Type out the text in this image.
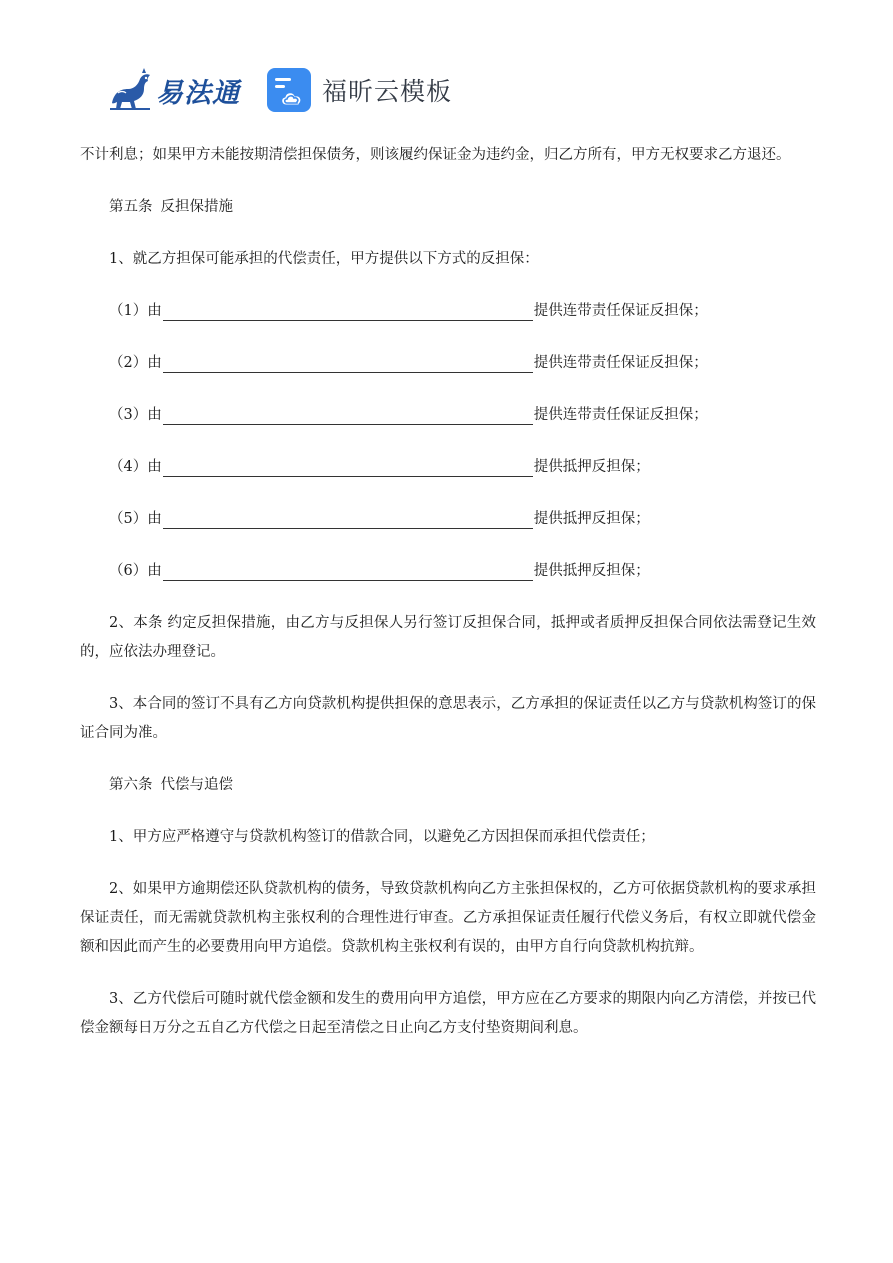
易法通	福昕云模板

不计利息；如果甲方未能按期清偿担保债务，则该履约保证金为违约金，归乙方所有，甲方无权要求乙方退还。

第五条 反担保措施

1、就乙方担保可能承担的代偿责任，甲方提供以下方式的反担保：

（1）由	提供连带责任保证反担保；
（2）由	提供连带责任保证反担保；
（3）由	提供连带责任保证反担保；
（4）由	提供抵押反担保；
（5）由	提供抵押反担保；
（6）由	提供抵押反担保；

2、本条 约定反担保措施，由乙方与反担保人另行签订反担保合同，抵押或者质押反担保合同依法需登记生效的，应依法办理登记。

3、本合同的签订不具有乙方向贷款机构提供担保的意思表示，乙方承担的保证责任以乙方与贷款机构签订的保证合同为准。

第六条 代偿与追偿

1、甲方应严格遵守与贷款机构签订的借款合同，以避免乙方因担保而承担代偿责任；

2、如果甲方逾期偿还队贷款机构的债务，导致贷款机构向乙方主张担保权的，乙方可依据贷款机构的要求承担保证责任，而无需就贷款机构主张权利的合理性进行审查。乙方承担保证责任履行代偿义务后，有权立即就代偿金额和因此而产生的必要费用向甲方追偿。贷款机构主张权利有误的，由甲方自行向贷款机构抗辩。

3、乙方代偿后可随时就代偿金额和发生的费用向甲方追偿，甲方应在乙方要求的期限内向乙方清偿，并按已代偿金额每日万分之五自乙方代偿之日起至清偿之日止向乙方支付垫资期间利息。
